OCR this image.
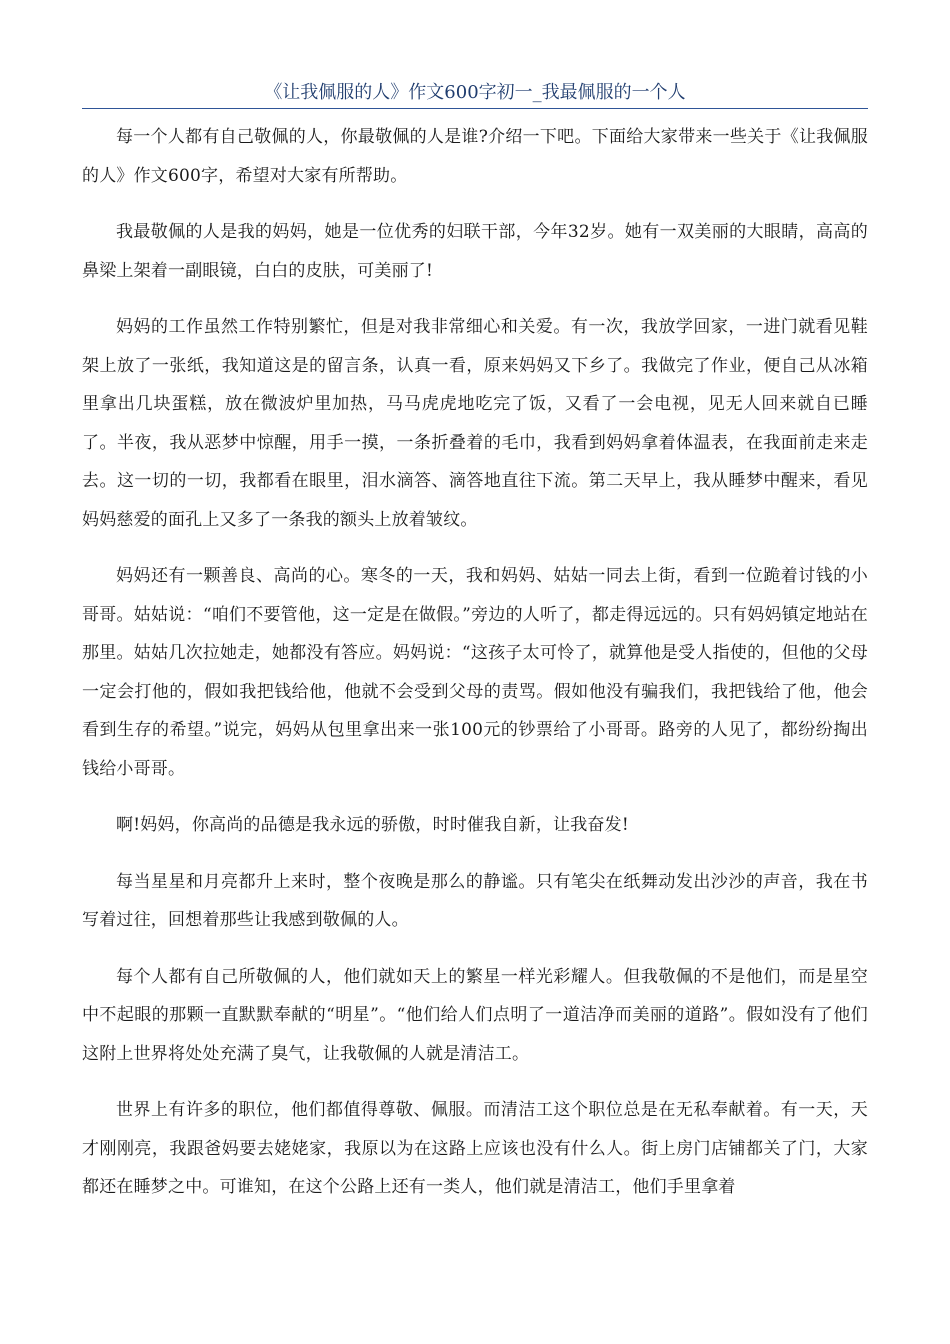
《让我佩服的人》作文600字初一_我最佩服的一个人

每一个人都有自己敬佩的人，你最敬佩的人是谁?介绍一下吧。下面给大家带来一些关于《让我佩服的人》作文600字，希望对大家有所帮助。

我最敬佩的人是我的妈妈，她是一位优秀的妇联干部，今年32岁。她有一双美丽的大眼睛，高高的鼻梁上架着一副眼镜，白白的皮肤，可美丽了!

妈妈的工作虽然工作特别繁忙，但是对我非常细心和关爱。有一次，我放学回家，一进门就看见鞋架上放了一张纸，我知道这是的留言条，认真一看，原来妈妈又下乡了。我做完了作业，便自己从冰箱里拿出几块蛋糕，放在微波炉里加热，马马虎虎地吃完了饭，又看了一会电视，见无人回来就自已睡了。半夜，我从恶梦中惊醒，用手一摸，一条折叠着的毛巾，我看到妈妈拿着体温表，在我面前走来走去。这一切的一切，我都看在眼里，泪水滴答、滴答地直往下流。第二天早上，我从睡梦中醒来，看见妈妈慈爱的面孔上又多了一条我的额头上放着皱纹。

妈妈还有一颗善良、高尚的心。寒冬的一天，我和妈妈、姑姑一同去上街，看到一位跪着讨钱的小哥哥。姑姑说：“咱们不要管他，这一定是在做假。”旁边的人听了，都走得远远的。只有妈妈镇定地站在那里。姑姑几次拉她走，她都没有答应。妈妈说：“这孩子太可怜了，就算他是受人指使的，但他的父母一定会打他的，假如我把钱给他，他就不会受到父母的责骂。假如他没有骗我们，我把钱给了他，他会看到生存的希望。”说完，妈妈从包里拿出来一张100元的钞票给了小哥哥。路旁的人见了，都纷纷掏出钱给小哥哥。

啊!妈妈，你高尚的品德是我永远的骄傲，时时催我自新，让我奋发!

每当星星和月亮都升上来时，整个夜晚是那么的静谧。只有笔尖在纸舞动发出沙沙的声音，我在书写着过往，回想着那些让我感到敬佩的人。

每个人都有自己所敬佩的人，他们就如天上的繁星一样光彩耀人。但我敬佩的不是他们，而是星空中不起眼的那颗一直默默奉献的“明星”。“他们给人们点明了一道洁净而美丽的道路”。假如没有了他们这附上世界将处处充满了臭气，让我敬佩的人就是清洁工。

世界上有许多的职位，他们都值得尊敬、佩服。而清洁工这个职位总是在无私奉献着。有一天，天才刚刚亮，我跟爸妈要去姥姥家，我原以为在这路上应该也没有什么人。街上房门店铺都关了门，大家都还在睡梦之中。可谁知，在这个公路上还有一类人，他们就是清洁工，他们手里拿着
